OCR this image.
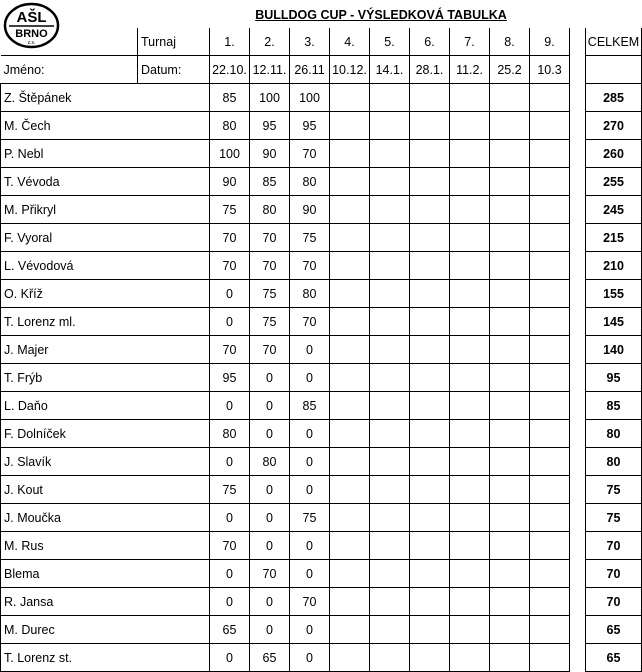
AŠL
BRNO
z.s.
BULLDOG CUP - VÝSLEDKOVÁ TABULKA
	Turnaj	1.	2.	3.	4.	5.	6.	7.	8.	9.		CELKEM
Jméno:	Datum:	22.10.	12.11.	26.11	10.12.	14.1.	28.1.	11.2.	25.2	10.3		
Z. Štěpánek		85	100	100								285
M. Čech		80	95	95								270
P. Nebl		100	90	70								260
T. Vévoda		90	85	80								255
M. Přikryl		75	80	90								245
F. Vyoral		70	70	75								215
L. Vévodová		70	70	70								210
O. Kříž		0	75	80								155
T. Lorenz ml.		0	75	70								145
J. Majer		70	70	0								140
T. Frýb		95	0	0								95
L. Daňo		0	0	85								85
F. Dolníček		80	0	0								80
J. Slavík		0	80	0								80
J. Kout		75	0	0								75
J. Moučka		0	0	75								75
M. Rus		70	0	0								70
Blema		0	70	0								70
R. Jansa		0	0	70								70
M. Durec		65	0	0								65
T. Lorenz st.		0	65	0								65
